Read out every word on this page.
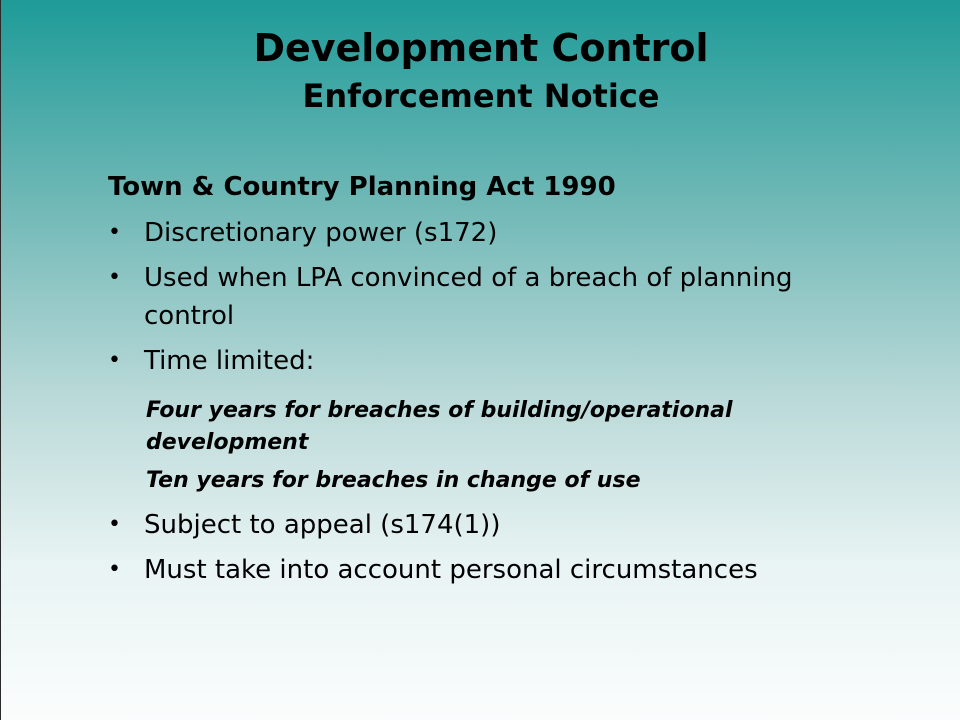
Development Control
Enforcement Notice
Town & Country Planning Act 1990
• Discretionary power (s172)
• Used when LPA convinced of a breach of planning control
• Time limited:
Four years for breaches of building/operational development
Ten years for breaches in change of use
• Subject to appeal (s174(1))
• Must take into account personal circumstances
